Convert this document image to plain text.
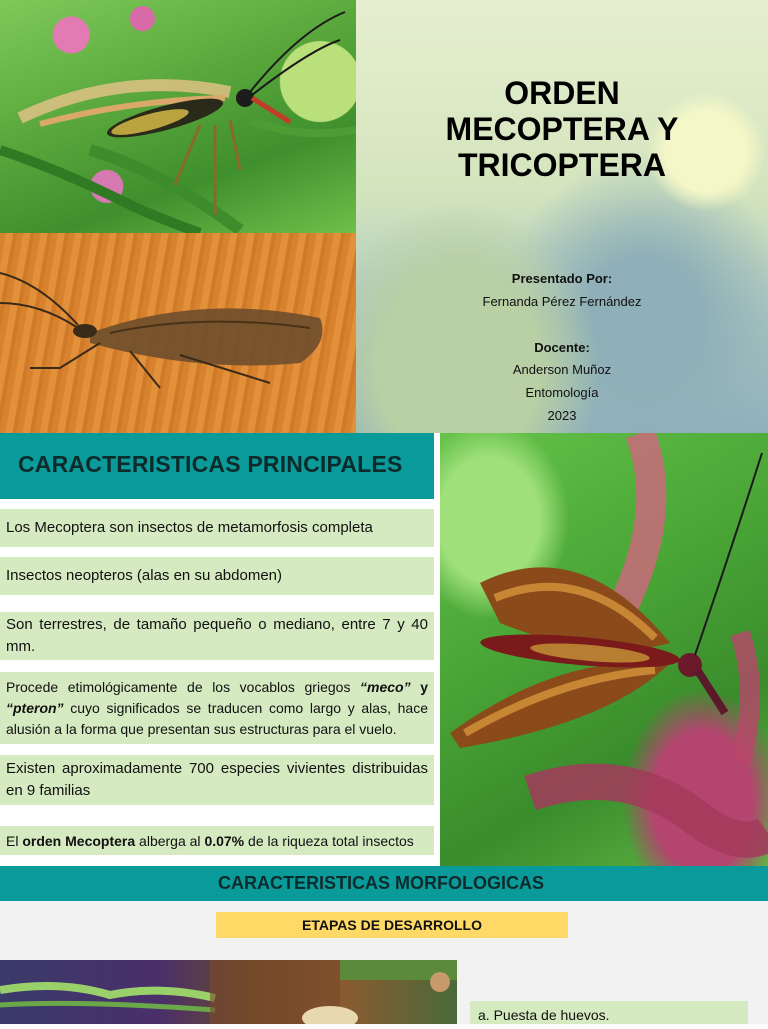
ORDEN
MECOPTERA Y
TRICOPTERA
Presentado Por:
Fernanda Pérez Fernández
Docente:
Anderson Muñoz
Entomología
2023
CARACTERISTICAS PRINCIPALES
Los Mecoptera son insectos de metamorfosis completa
Insectos neopteros (alas en su abdomen)
Son terrestres, de tamaño pequeño o mediano, entre 7 y 40 mm.
Procede etimológicamente de los vocablos griegos “meco” y “pteron” cuyo significados se traducen como largo y alas, hace alusión a la forma que presentan sus estructuras para el vuelo.
Existen aproximadamente 700 especies vivientes distribuidas en 9 familias
El orden Mecoptera alberga al 0.07% de la riqueza total insectos
CARACTERISTICAS MORFOLOGICAS
ETAPAS DE DESARROLLO
a. Puesta de huevos.
